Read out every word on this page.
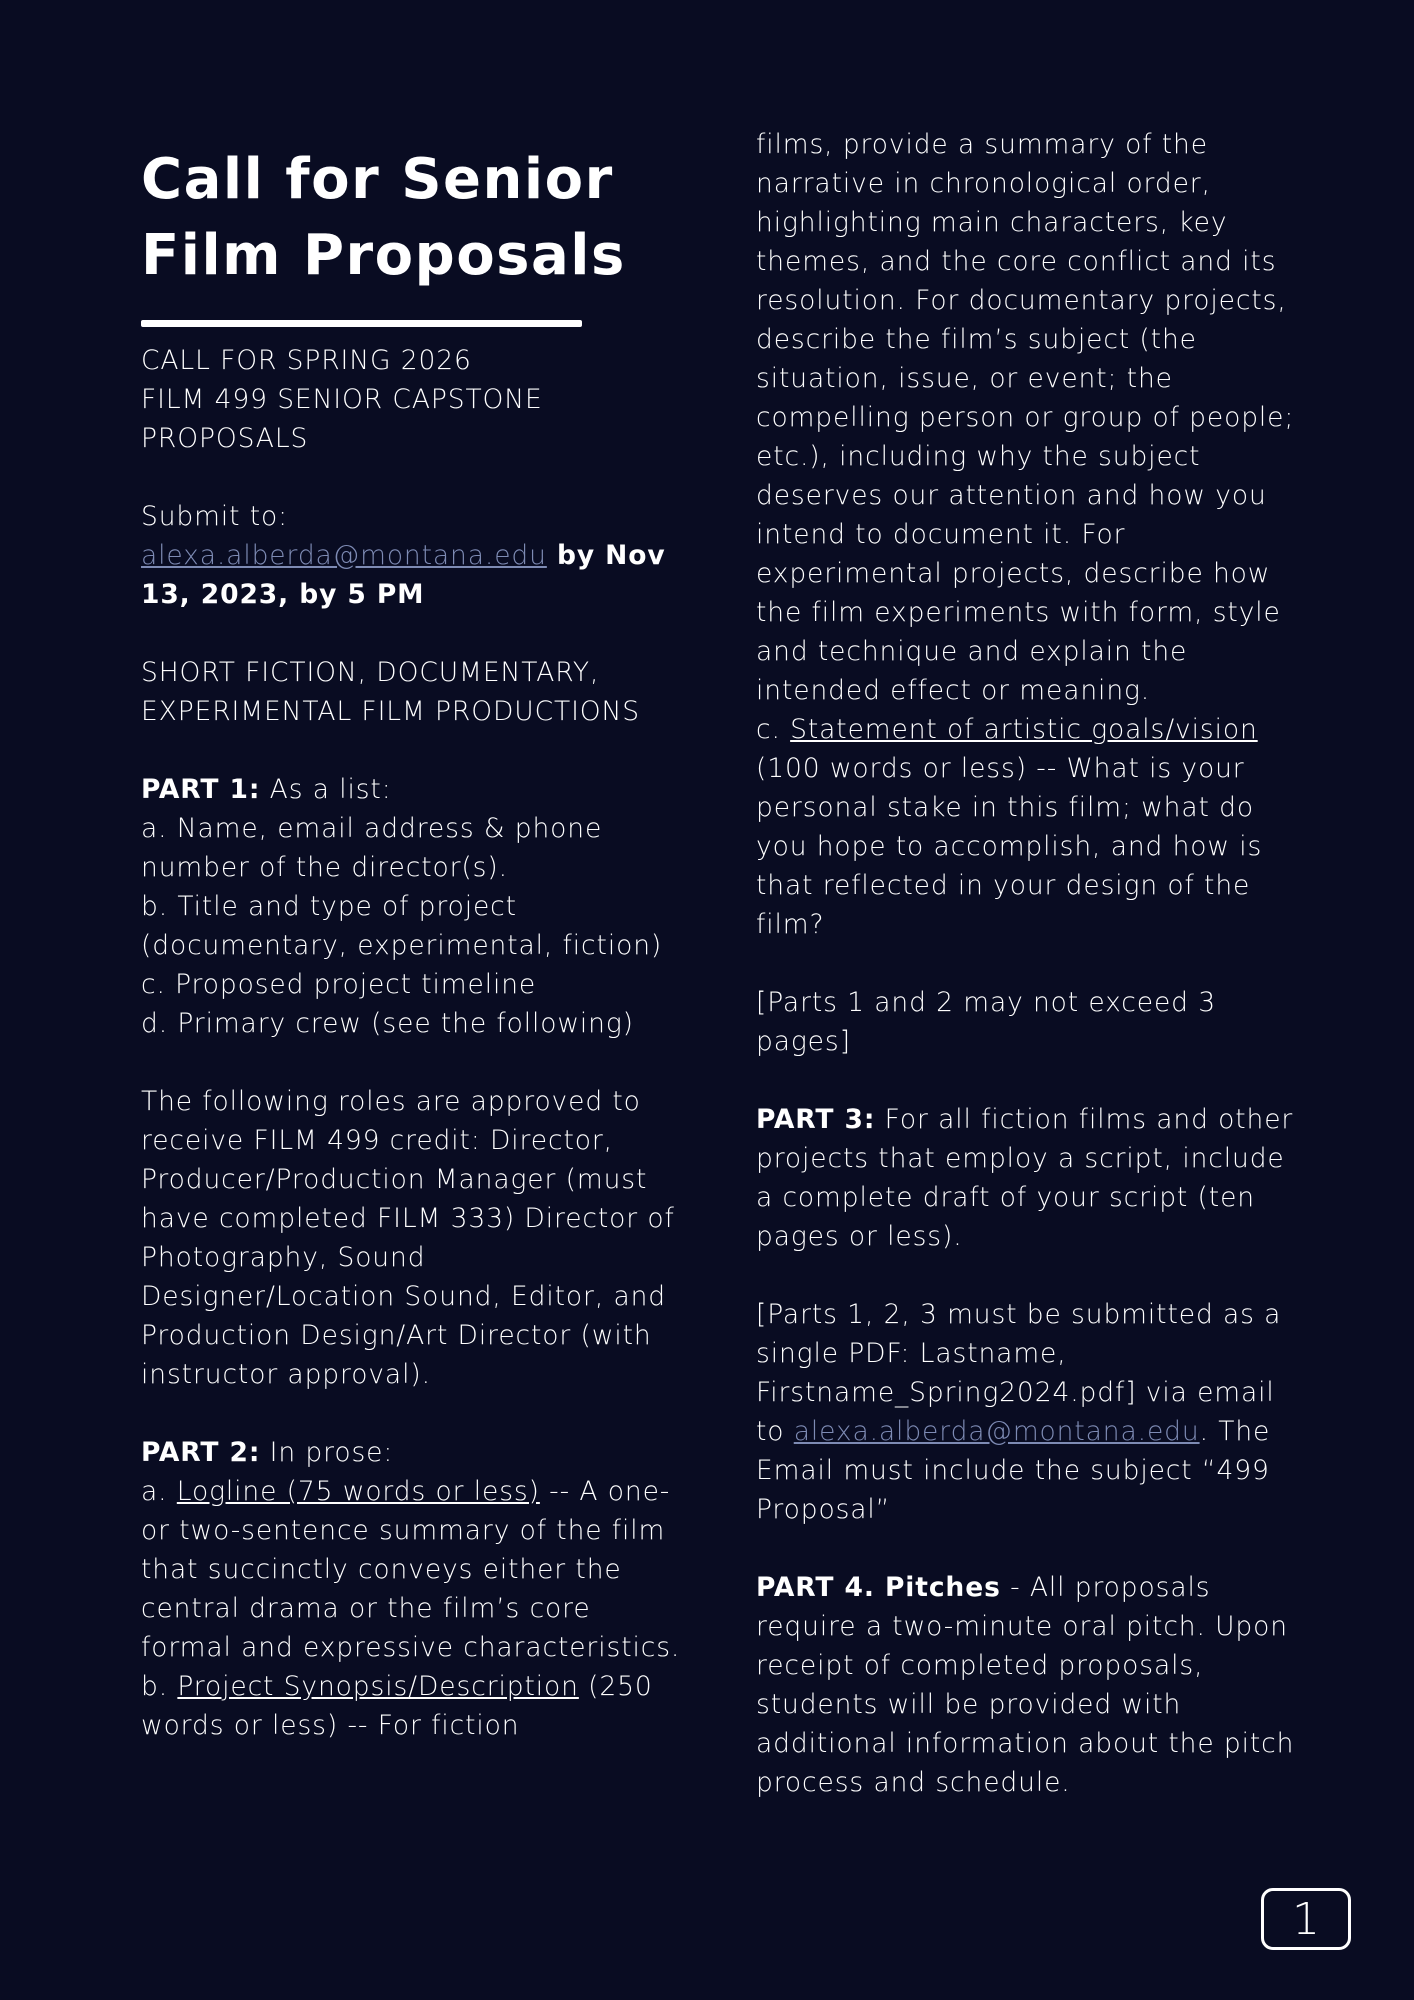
Call for Senior Film Proposals

CALL FOR SPRING 2026

FILM 499 SENIOR CAPSTONE PROPOSALS

Submit to:
alexa.alberda@montana.edu by Nov 13, 2023, by 5 PM

SHORT FICTION, DOCUMENTARY, EXPERIMENTAL FILM PRODUCTIONS

PART 1: As a list:

a. Name, email address & phone number of the director(s).

b. Title and type of project (documentary, experimental, fiction)

c. Proposed project timeline

d. Primary crew (see the following)

The following roles are approved to receive FILM 499 credit: Director, Producer/Production Manager (must have completed FILM 333) Director of Photography, Sound Designer/Location Sound, Editor, and Production Design/Art Director (with instructor approval).

PART 2: In prose:

a. Logline (75 words or less) -- A one- or two-sentence summary of the film that succinctly conveys either the central drama or the film’s core formal and expressive characteristics.

b. Project Synopsis/Description (250 words or less) -- For fiction

films, provide a summary of the narrative in chronological order, highlighting main characters, key themes, and the core conflict and its resolution. For documentary projects, describe the film’s subject (the situation, issue, or event; the compelling person or group of people; etc.), including why the subject deserves our attention and how you intend to document it. For experimental projects, describe how the film experiments with form, style and technique and explain the intended effect or meaning.

c. Statement of artistic goals/vision (100 words or less) -- What is your personal stake in this film; what do you hope to accomplish, and how is that reflected in your design of the film?

[Parts 1 and 2 may not exceed 3 pages]

PART 3: For all fiction films and other projects that employ a script, include a complete draft of your script (ten pages or less).

[Parts 1, 2, 3 must be submitted as a single PDF: Lastname, Firstname_Spring2024.pdf] via email to alexa.alberda@montana.edu. The Email must include the subject “499 Proposal”

PART 4. Pitches - All proposals require a two-minute oral pitch. Upon receipt of completed proposals, students will be provided with additional information about the pitch process and schedule.

1
